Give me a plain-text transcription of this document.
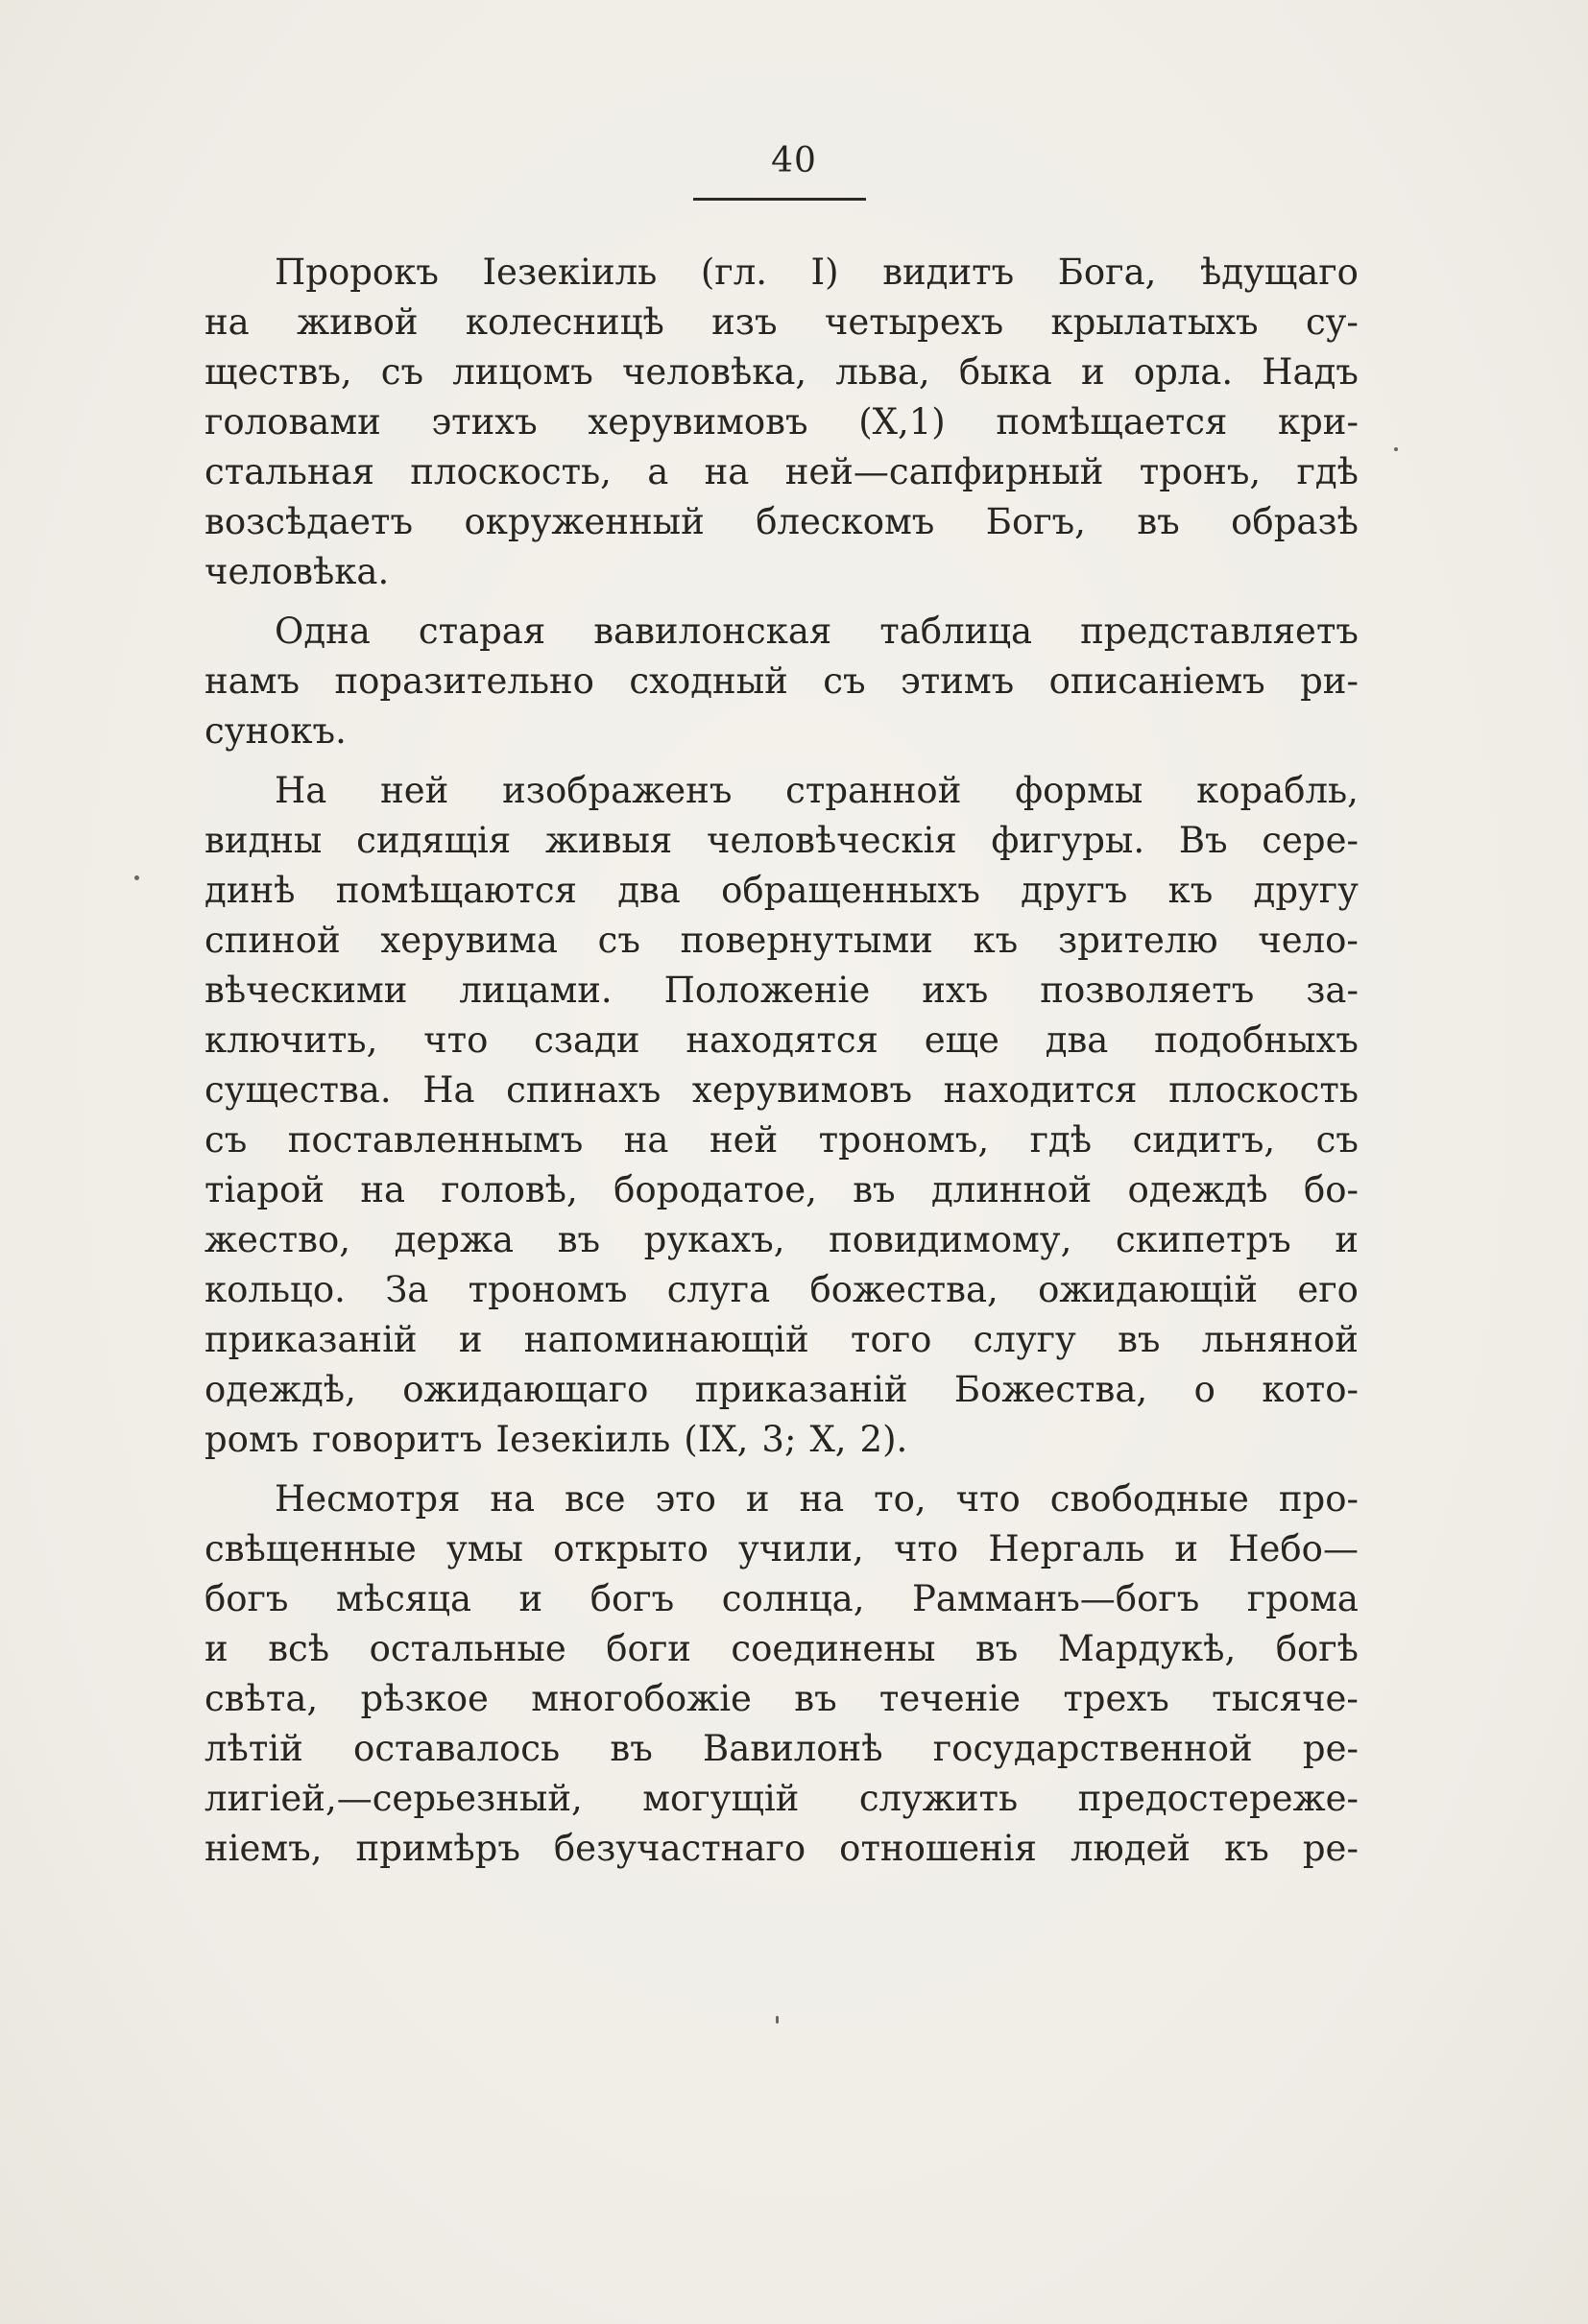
40
Пророкъ Іезекіиль (гл. I) видитъ Бога, ѣдущаго
на живой колесницѣ изъ четырехъ крылатыхъ су-
ществъ, съ лицомъ человѣка, льва, быка и орла. Надъ
головами этихъ херувимовъ (X,1) помѣщается кри-
стальная плоскость, а на ней—сапфирный тронъ, гдѣ
возсѣдаетъ окруженный блескомъ Богъ, въ образѣ
человѣка.
Одна старая вавилонская таблица представляетъ
намъ поразительно сходный съ этимъ описаніемъ ри-
сунокъ.
На ней изображенъ странной формы корабль,
видны сидящія живыя человѣческія фигуры. Въ сере-
динѣ помѣщаются два обращенныхъ другъ къ другу
спиной херувима съ повернутыми къ зрителю чело-
вѣческими лицами. Положеніе ихъ позволяетъ за-
ключить, что сзади находятся еще два подобныхъ
существа. На спинахъ херувимовъ находится плоскость
съ поставленнымъ на ней трономъ, гдѣ сидитъ, съ
тіарой на головѣ, бородатое, въ длинной одеждѣ бо-
жество, держа въ рукахъ, повидимому, скипетръ и
кольцо. За трономъ слуга божества, ожидающій его
приказаній и напоминающій того слугу въ льняной
одеждѣ, ожидающаго приказаній Божества, о кото-
ромъ говоритъ Іезекіиль (IX, 3; X, 2).
Несмотря на все это и на то, что свободные про-
свѣщенные умы открыто учили, что Нергаль и Небо—
богъ мѣсяца и богъ солнца, Рамманъ—богъ грома
и всѣ остальные боги соединены въ Мардукѣ, богѣ
свѣта, рѣзкое многобожіе въ теченіе трехъ тысяче-
лѣтій оставалось въ Вавилонѣ государственной ре-
лигіей,—серьезный, могущій служить предостереже-
ніемъ, примѣръ безучастнаго отношенія людей къ ре-
